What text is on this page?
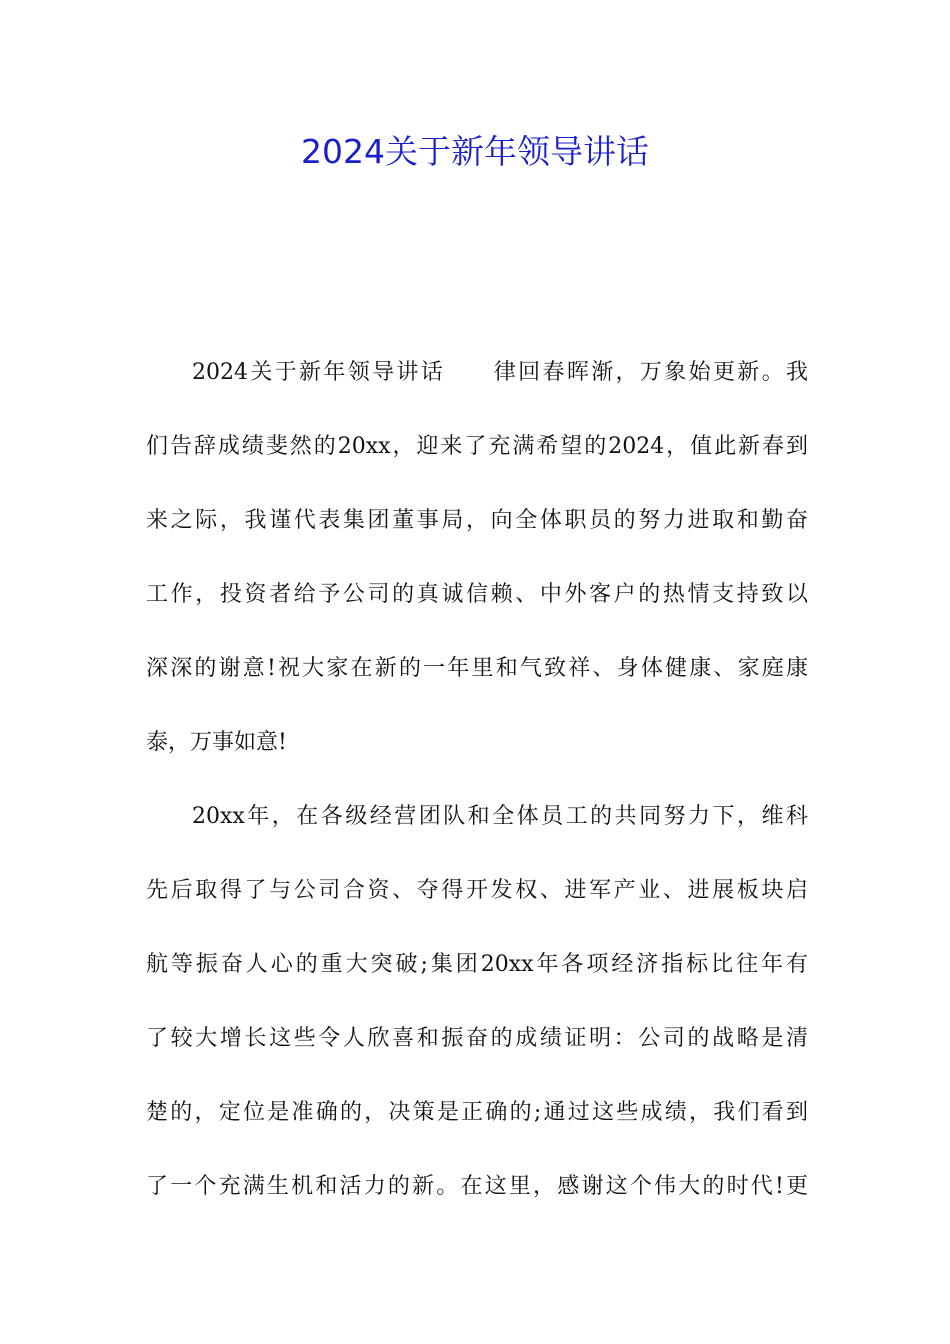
2024关于新年领导讲话
2024关于新年领导讲话　　律回春晖渐，万象始更新。我
们告辞成绩斐然的20xx，迎来了充满希望的2024，值此新春到
来之际，我谨代表集团董事局，向全体职员的努力进取和勤奋
工作，投资者给予公司的真诚信赖、中外客户的热情支持致以
深深的谢意!祝大家在新的一年里和气致祥、身体健康、家庭康
泰，万事如意!
20xx年，在各级经营团队和全体员工的共同努力下，维科
先后取得了与公司合资、夺得开发权、进军产业、进展板块启
航等振奋人心的重大突破;集团20xx年各项经济指标比往年有
了较大增长这些令人欣喜和振奋的成绩证明：公司的战略是清
楚的，定位是准确的，决策是正确的;通过这些成绩，我们看到
了一个充满生机和活力的新。在这里，感谢这个伟大的时代!更
